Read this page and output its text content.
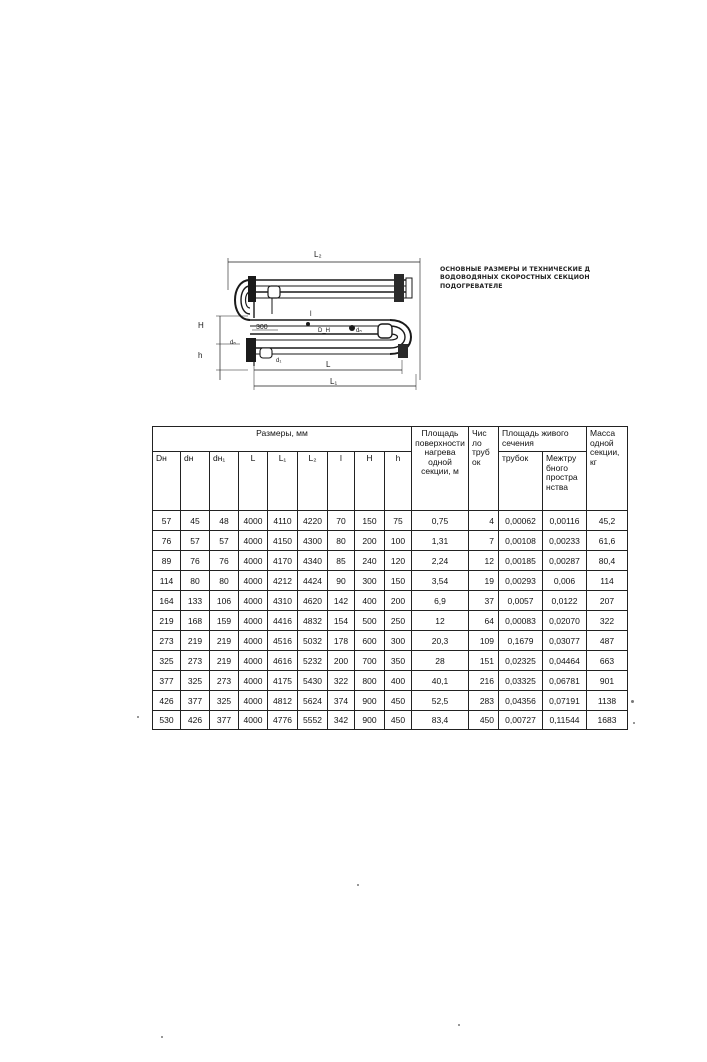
L₂
H
h
300	D_H
dₙ
dₙ
d₁
l
L
L₁
ОСНОВНЫЕ РАЗМЕРЫ И ТЕХНИЧЕСКИЕ Д
ВОДОВОДЯНЫХ СКОРОСТНЫХ СЕКЦИОН
ПОДОГРЕВАТЕЛЕ
Размеры, мм									Площадь поверхности нагрева одной секции, м	Чис ло труб ок	Площадь живого сечения		Масса одной секции, кг
Dн	dн	dн₁	L	L₁	L₂	l	H	h			трубок	Межтру бного простра нства	
57	45	48	4000	4110	4220	70	150	75	0,75	4	0,00062	0,00116	45,2
76	57	57	4000	4150	4300	80	200	100	1,31	7	0,00108	0,00233	61,6
89	76	76	4000	4170	4340	85	240	120	2,24	12	0,00185	0,00287	80,4
114	80	80	4000	4212	4424	90	300	150	3,54	19	0,00293	0,006	114
164	133	106	4000	4310	4620	142	400	200	6,9	37	0,0057	0,0122	207
219	168	159	4000	4416	4832	154	500	250	12	64	0,00083	0,02070	322
273	219	219	4000	4516	5032	178	600	300	20,3	109	0,1679	0,03077	487
325	273	219	4000	4616	5232	200	700	350	28	151	0,02325	0,04464	663
377	325	273	4000	4175	5430	322	800	400	40,1	216	0,03325	0,06781	901
426	377	325	4000	4812	5624	374	900	450	52,5	283	0,04356	0,07191	1138
530	426	377	4000	4776	5552	342	900	450	83,4	450	0,00727	0,11544	1683
